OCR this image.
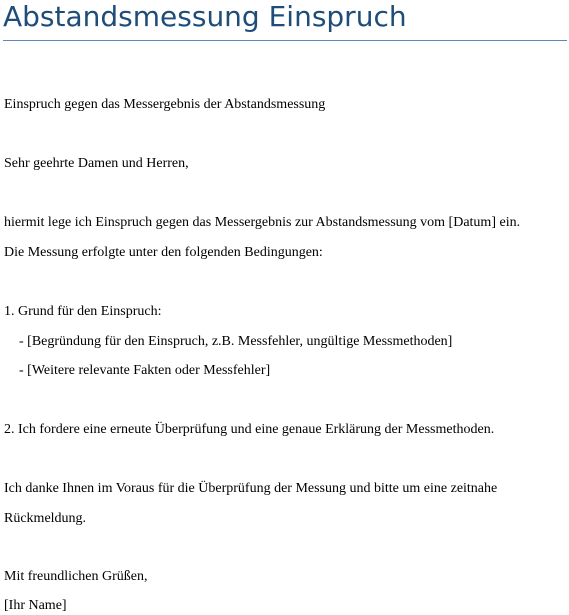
Abstandsmessung Einspruch
Einspruch gegen das Messergebnis der Abstandsmessung
Sehr geehrte Damen und Herren,
hiermit lege ich Einspruch gegen das Messergebnis zur Abstandsmessung vom [Datum] ein.
Die Messung erfolgte unter den folgenden Bedingungen:
1. Grund für den Einspruch:
- [Begründung für den Einspruch, z.B. Messfehler, ungültige Messmethoden]
- [Weitere relevante Fakten oder Messfehler]
2. Ich fordere eine erneute Überprüfung und eine genaue Erklärung der Messmethoden.
Ich danke Ihnen im Voraus für die Überprüfung der Messung und bitte um eine zeitnahe
Rückmeldung.
Mit freundlichen Grüßen,
[Ihr Name]
